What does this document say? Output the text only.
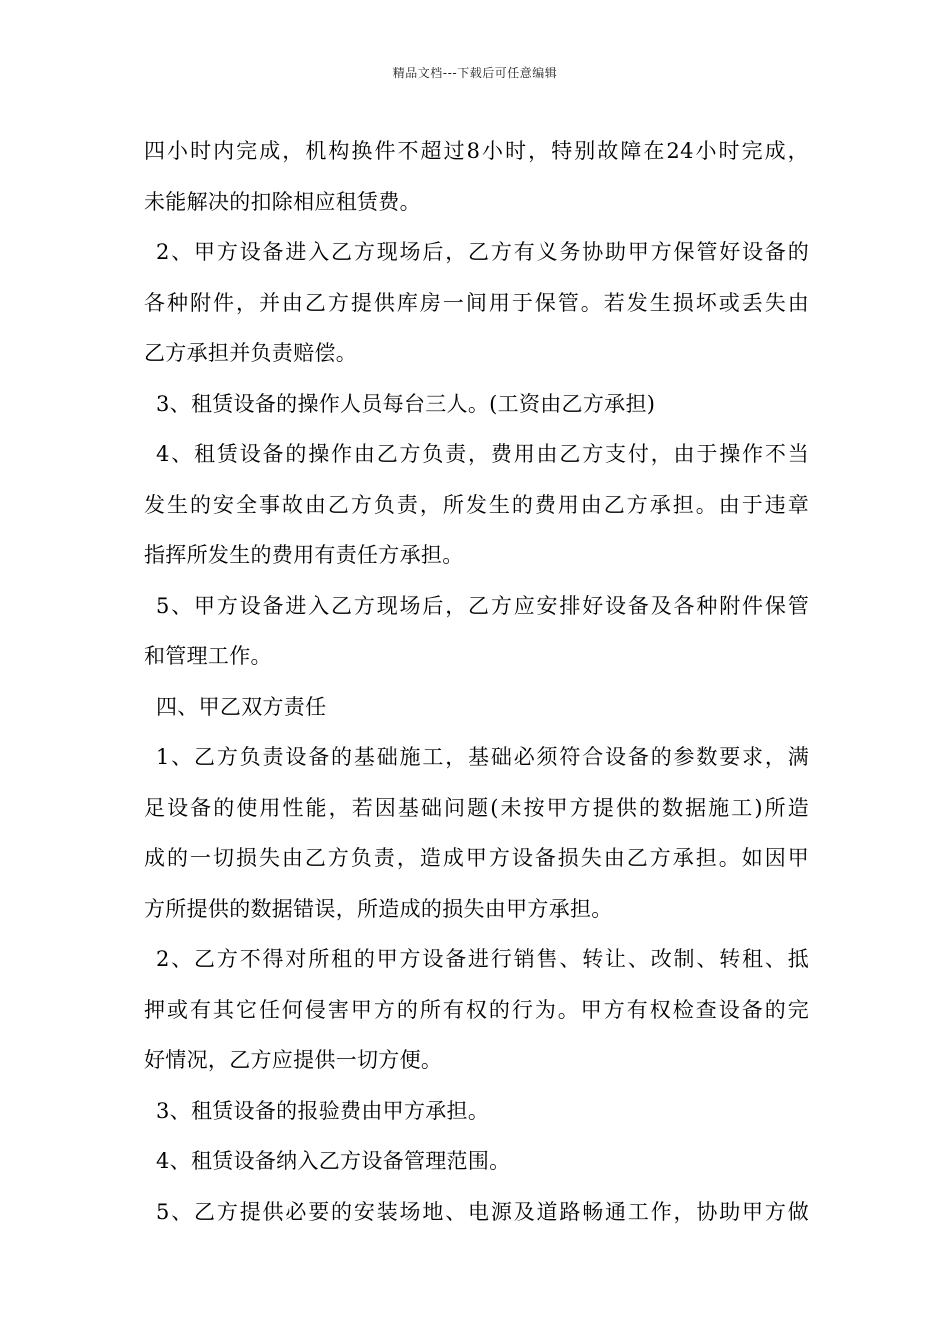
精品文档---下载后可任意编辑
四小时内完成，机构换件不超过8小时，特别故障在24小时完成，
未能解决的扣除相应租赁费。
2、甲方设备进入乙方现场后，乙方有义务协助甲方保管好设备的
各种附件，并由乙方提供库房一间用于保管。若发生损坏或丢失由
乙方承担并负责赔偿。
3、租赁设备的操作人员每台三人。(工资由乙方承担)
4、租赁设备的操作由乙方负责，费用由乙方支付，由于操作不当
发生的安全事故由乙方负责，所发生的费用由乙方承担。由于违章
指挥所发生的费用有责任方承担。
5、甲方设备进入乙方现场后，乙方应安排好设备及各种附件保管
和管理工作。
四、甲乙双方责任
1、乙方负责设备的基础施工，基础必须符合设备的参数要求，满
足设备的使用性能，若因基础问题(未按甲方提供的数据施工)所造
成的一切损失由乙方负责，造成甲方设备损失由乙方承担。如因甲
方所提供的数据错误，所造成的损失由甲方承担。
2、乙方不得对所租的甲方设备进行销售、转让、改制、转租、抵
押或有其它任何侵害甲方的所有权的行为。甲方有权检查设备的完
好情况，乙方应提供一切方便。
3、租赁设备的报验费由甲方承担。
4、租赁设备纳入乙方设备管理范围。
5、乙方提供必要的安装场地、电源及道路畅通工作，协助甲方做
